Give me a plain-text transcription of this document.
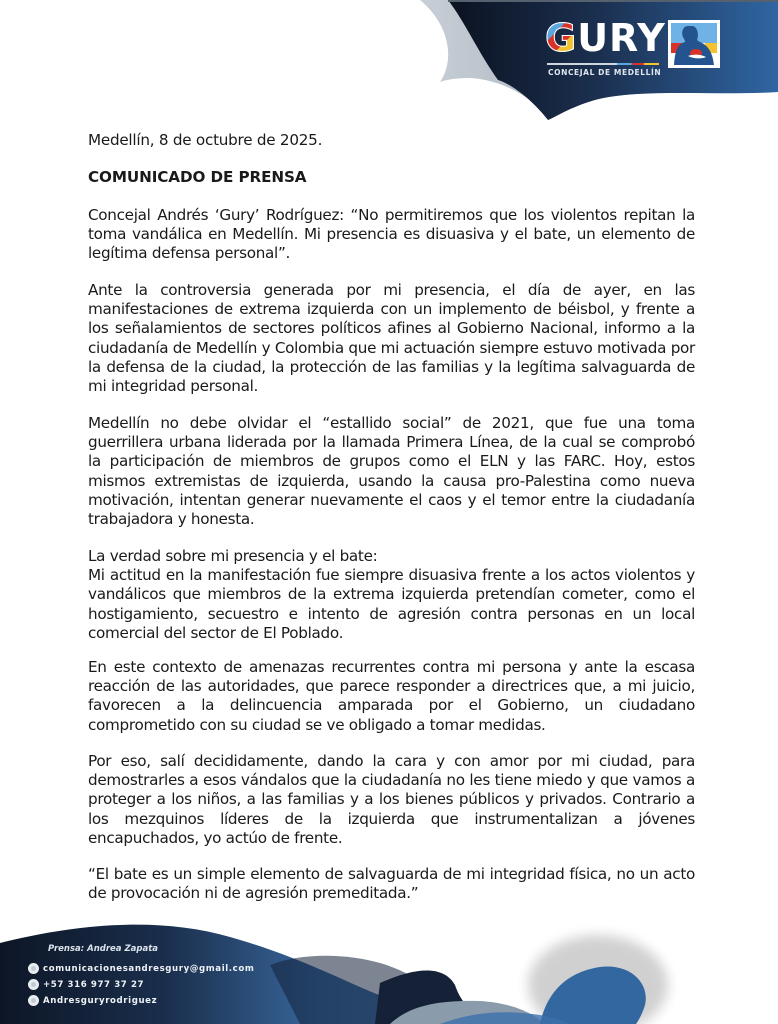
GURY
CONCEJAL DE MEDELLÍN
Medellín, 8 de octubre de 2025.
COMUNICADO DE PRENSA

Concejal Andrés ‘Gury’ Rodríguez: “No permitiremos que los violentos repitan la toma vandálica en Medellín. Mi presencia es disuasiva y el bate, un elemento de legítima defensa personal”.

Ante la controversia generada por mi presencia, el día de ayer, en las manifestaciones de extrema izquierda con un implemento de béisbol, y frente a los señalamientos de sectores políticos afines al Gobierno Nacional, informo a la ciudadanía de Medellín y Colombia que mi actuación siempre estuvo motivada por la defensa de la ciudad, la protección de las familias y la legítima salvaguarda de mi integridad personal.

Medellín no debe olvidar el “estallido social” de 2021, que fue una toma guerrillera urbana liderada por la llamada Primera Línea, de la cual se comprobó la participación de miembros de grupos como el ELN y las FARC. Hoy, estos mismos extremistas de izquierda, usando la causa pro-Palestina como nueva motivación, intentan generar nuevamente el caos y el temor entre la ciudadanía trabajadora y honesta.

La verdad sobre mi presencia y el bate:

Mi actitud en la manifestación fue siempre disuasiva frente a los actos violentos y vandálicos que miembros de la extrema izquierda pretendían cometer, como el hostigamiento, secuestro e intento de agresión contra personas en un local comercial del sector de El Poblado.

En este contexto de amenazas recurrentes contra mi persona y ante la escasa reacción de las autoridades, que parece responder a directrices que, a mi juicio, favorecen a la delincuencia amparada por el Gobierno, un ciudadano comprometido con su ciudad se ve obligado a tomar medidas.

Por eso, salí decididamente, dando la cara y con amor por mi ciudad, para demostrarles a esos vándalos que la ciudadanía no les tiene miedo y que vamos a proteger a los niños, a las familias y a los bienes públicos y privados. Contrario a los mezquinos líderes de la izquierda que instrumentalizan a jóvenes encapuchados, yo actúo de frente.

“El bate es un simple elemento de salvaguarda de mi integridad física, no un acto de provocación ni de agresión premeditada.”

Prensa: Andrea Zapata
comunicacionesandresgury@gmail.com
+57 316 977 37 27
Andresguryrodriguez
